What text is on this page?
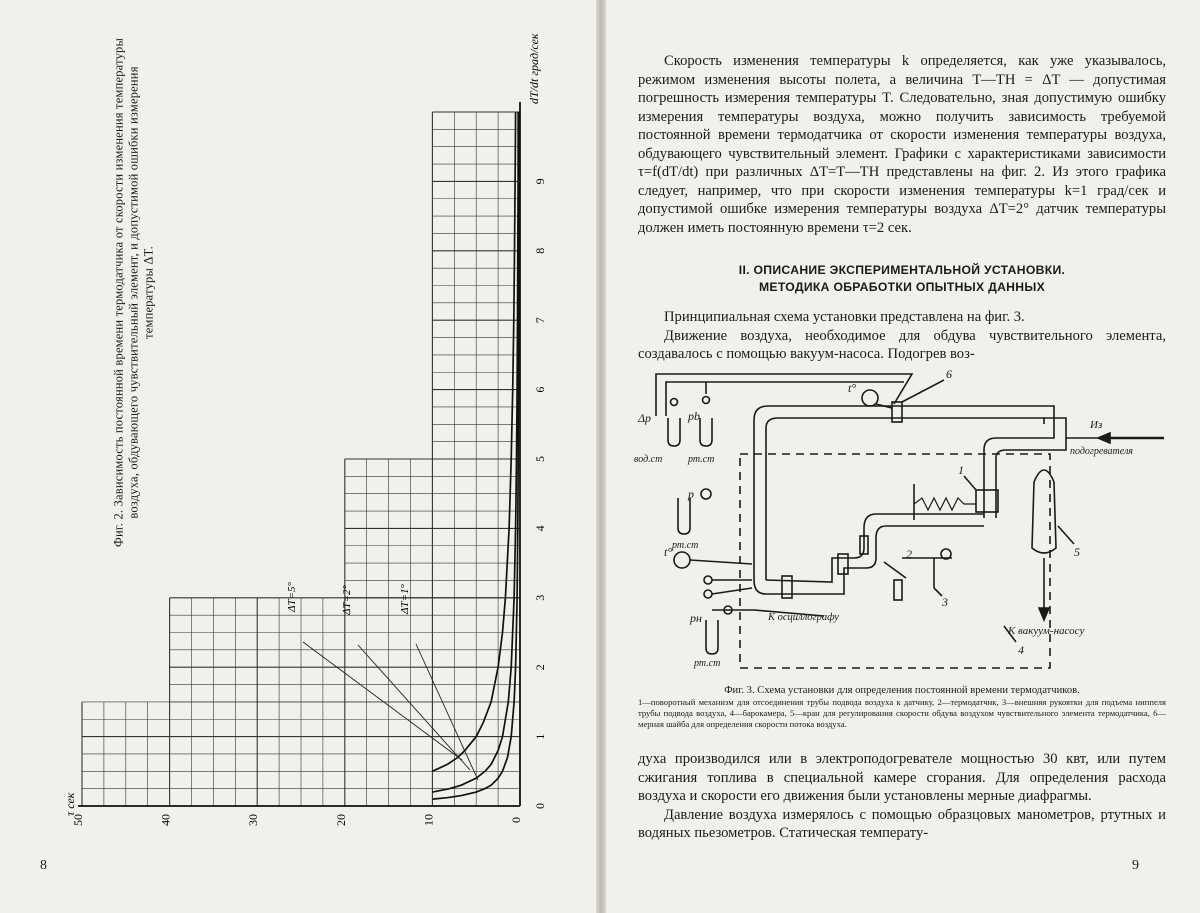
0
1
2
3
4
5
6
7
8
9
0
10
20
30
40
50
dT/dt град/сек
τ сек
ΔT=5°	ΔT=2°	ΔT=1°
Фиг. 2. Зависимость постоянной времени термодатчика от скорости изменения температуры воздуха, обдувающего чувствительный элемент, и допустимой ошибки измерения температуры ΔT.
8

Скорость изменения температуры k определяется, как уже указывалось, режимом изменения высоты полета, а величина T—TH = ΔT — допустимая погрешность измерения температуры T. Следовательно, зная допустимую ошибку измерения температуры воздуха, можно получить зависимость требуемой постоянной времени термодатчика от скорости изменения температуры воздуха, обдувающего чувствительный элемент. Графики с характеристиками зависимости τ=f(dT/dt) при различных ΔT=T—TH представлены на фиг. 2. Из этого графика следует, например, что при скорости изменения температуры k=1 град/сек и допустимой ошибке измерения температуры воздуха ΔT=2° датчик температуры должен иметь постоянную времени τ=2 сек.

II. ОПИСАНИЕ ЭКСПЕРИМЕНТАЛЬНОЙ УСТАНОВКИ.
МЕТОДИКА ОБРАБОТКИ ОПЫТНЫХ ДАННЫХ

Принципиальная схема установки представлена на фиг. 3.

Движение воздуха, необходимое для обдува чувствительного элемента, создавалось с помощью вакуум-насоса. Подогрев воз-

Δp	pb
вод.ст	рт.ст
p
рт.ст
t°
t°
pн
рт.ст
К осциллографу
Из
подогревателя
К вакуум-насосу
1
2
3
4
5
6
Фиг. 3. Схема установки для определения постоянной времени термодатчиков.
1—поворотный механизм для отсоединения трубы подвода воздуха к датчику, 2—термодатчик, 3—внешняя рукоятки для подъема ниппеля трубы подвода воздуха, 4—барокамера, 5—кран для регулирования скорости обдува воздухом чувствительного элемента термодатчика, 6—мерная шайба для определения скорости потока воздуха.

духа производился или в электроподогревателе мощностью 30 квт, или путем сжигания топлива в специальной камере сгорания. Для определения расхода воздуха и скорости его движения были установлены мерные диафрагмы.

Давление воздуха измерялось с помощью образцовых манометров, ртутных и водяных пьезометров. Статическая температу-

9
